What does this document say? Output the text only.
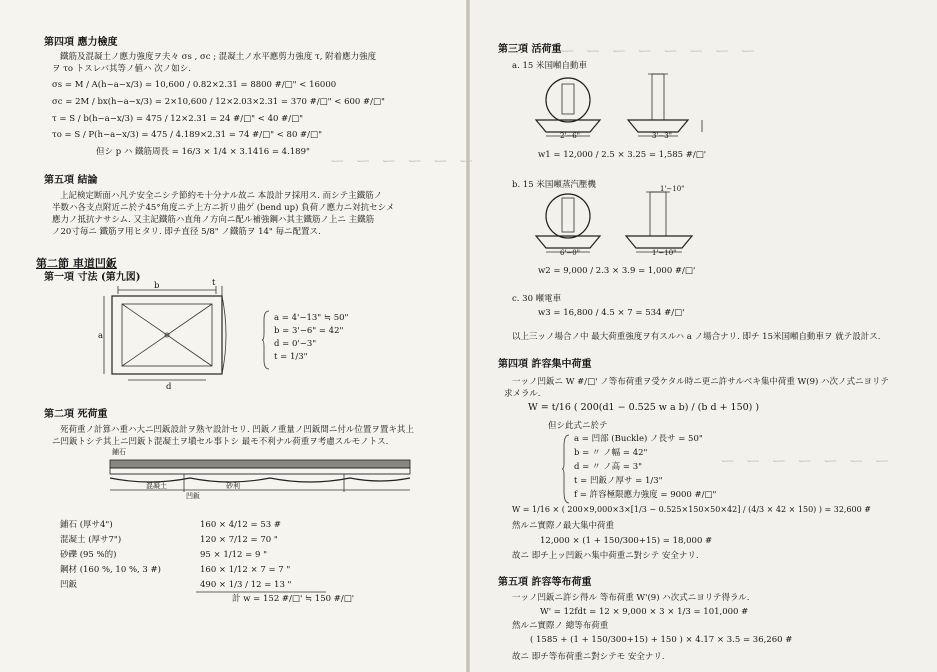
ー ー ー ー ー ー
ー ー ー ー ー ー ー ー
ー ー ー ー ー ー ー
第四項 應力檢度
鐵筋及混凝土ノ應力強度ヲ夫々 σs , σc ; 混凝土ノ水平應剪力強度 τ, 附着應力強度
ヲ τo トスレバ其等ノ値ハ 次ノ如シ.
σs = M / A(h−a−x/3) = 10,600 / 0.82×2.31 = 8800 #/□" < 16000
σc = 2M / bx(h−a−x/3) = 2×10,600 / 12×2.03×2.31 = 370 #/□" < 600 #/□"
τ = S / b(h−a−x/3) = 475 / 12×2.31 = 24 #/□" < 40 #/□"
τo = S / P(h−a−x/3) = 475 / 4.189×2.31 = 74 #/□" < 80 #/□"
但シ p ハ 鐵筋周長 = 16/3 × 1/4 × 3.1416 = 4.189"
第五項 結論
上記検定断面ハ凡テ安全ニシテ節約モ十分ナル故ニ 本設計ヲ採用ス. 而シテ主鐵筋ノ
半数ハ各支点附近ニ於テ45°角度ニテ上方ニ折リ曲ゲ (bend up) 負荷ノ應力ニ対抗セシメ
應力ノ抵抗ナサシム. 又主記鐵筋ハ直角ノ方向ニ配ル補強鋼ハ其主鐵筋ノ上ニ 主鐵筋
ノ20寸毎ニ 鐵筋ヲ用ヒタリ. 即チ直径 5/8" ノ鐵筋ヲ 14" 毎ニ配置ス.
第二節 車道凹鈑
第一項 寸法 (第九図)
b
a
t
d
a = 4'−13" ≒ 50"
b = 3'−6" = 42"
d = 0'−3"
t = 1/3"
第二項 死荷重
死荷重ノ計算ハ重ハ大ニ凹鈑設計ヲ熟ヤ設計セリ. 凹鈑ノ重量ノ凹鈑間ニ付ル位置ヲ置キ其上
ニ凹鈑トシテ其上ニ凹鈑ト混凝土ヲ塡セル事トシ 最モ不利ナル荷重ヲ考慮スルモノトス.
鋪石
混凝土
凹鈑
砂利
鋪石 (厚サ4")	160 × 4/12 = 53 #
混凝土 (厚サ7")	120 × 7/12 = 70 "
砂礫 (95 %的)	95 × 1/12 = 9 "
鋼材 (160 %, 10 %, 3 #)	160 × 1/12 × 7 = 7 "
凹鈑	490 × 1/3 / 12 = 13 "
計 w = 152 #/□' ≒ 150 #/□'
第三項 活荷重
a. 15 米国噸自動車
2'−6"	3'−3"
w1 = 12,000 / 2.5 × 3.25 = 1,585 #/□'
b. 15 米国噸蒸汽壓機	1'−10"
6'−0"	1'−10"
w2 = 9,000 / 2.3 × 3.9 = 1,000 #/□'
c. 30 噸電車
w3 = 16,800 / 4.5 × 7 = 534 #/□'
以上三ッノ場合ノ中 最大荷重強度ヲ有スルハ a ノ場合ナリ. 即チ 15米国噸自動車ヲ 就テ設計ス.
第四項 許容集中荷重
一ッノ凹鈑ニ W #/□' ノ等布荷重ヲ受ケタル時ニ更ニ許サルベキ集中荷重 W(9) ハ次ノ式ニヨリテ
求メラル.
W = t/16 ( 200(d1 − 0.525 w a b) / (b d + 150) )
但シ此式ニ於テ
a = 凹部 (Buckle) ノ長サ = 50"
b = 〃 ノ幅 = 42"
d = 〃 ノ高 = 3"
t = 凹鈑ノ厚サ = 1/3"
f = 許容極限應力強度 = 9000 #/□"
W = 1/16 × ( 200×9,000×3×[1/3 − 0.525×150×50×42] / (4/3 × 42 × 150) ) = 32,600 #
然ルニ實際ノ最大集中荷重
12,000 × (1 + 150/300+15) = 18,000 #
故ニ 即チ上ッ凹鈑ハ集中荷重ニ對シテ 安全ナリ.
第五項 許容等布荷重
一ッノ凹鈑ニ許シ得ル 等布荷重 W'(9) ハ次式ニヨリテ得ラル.
W' = 12fdt = 12 × 9,000 × 3 × 1/3 = 101,000 #
然ルニ實際ノ 總等布荷重
( 1585 + (1 + 150/300+15) + 150 ) × 4.17 × 3.5 = 36,260 #
故ニ 即チ等布荷重ニ對シテモ 安全ナリ.
